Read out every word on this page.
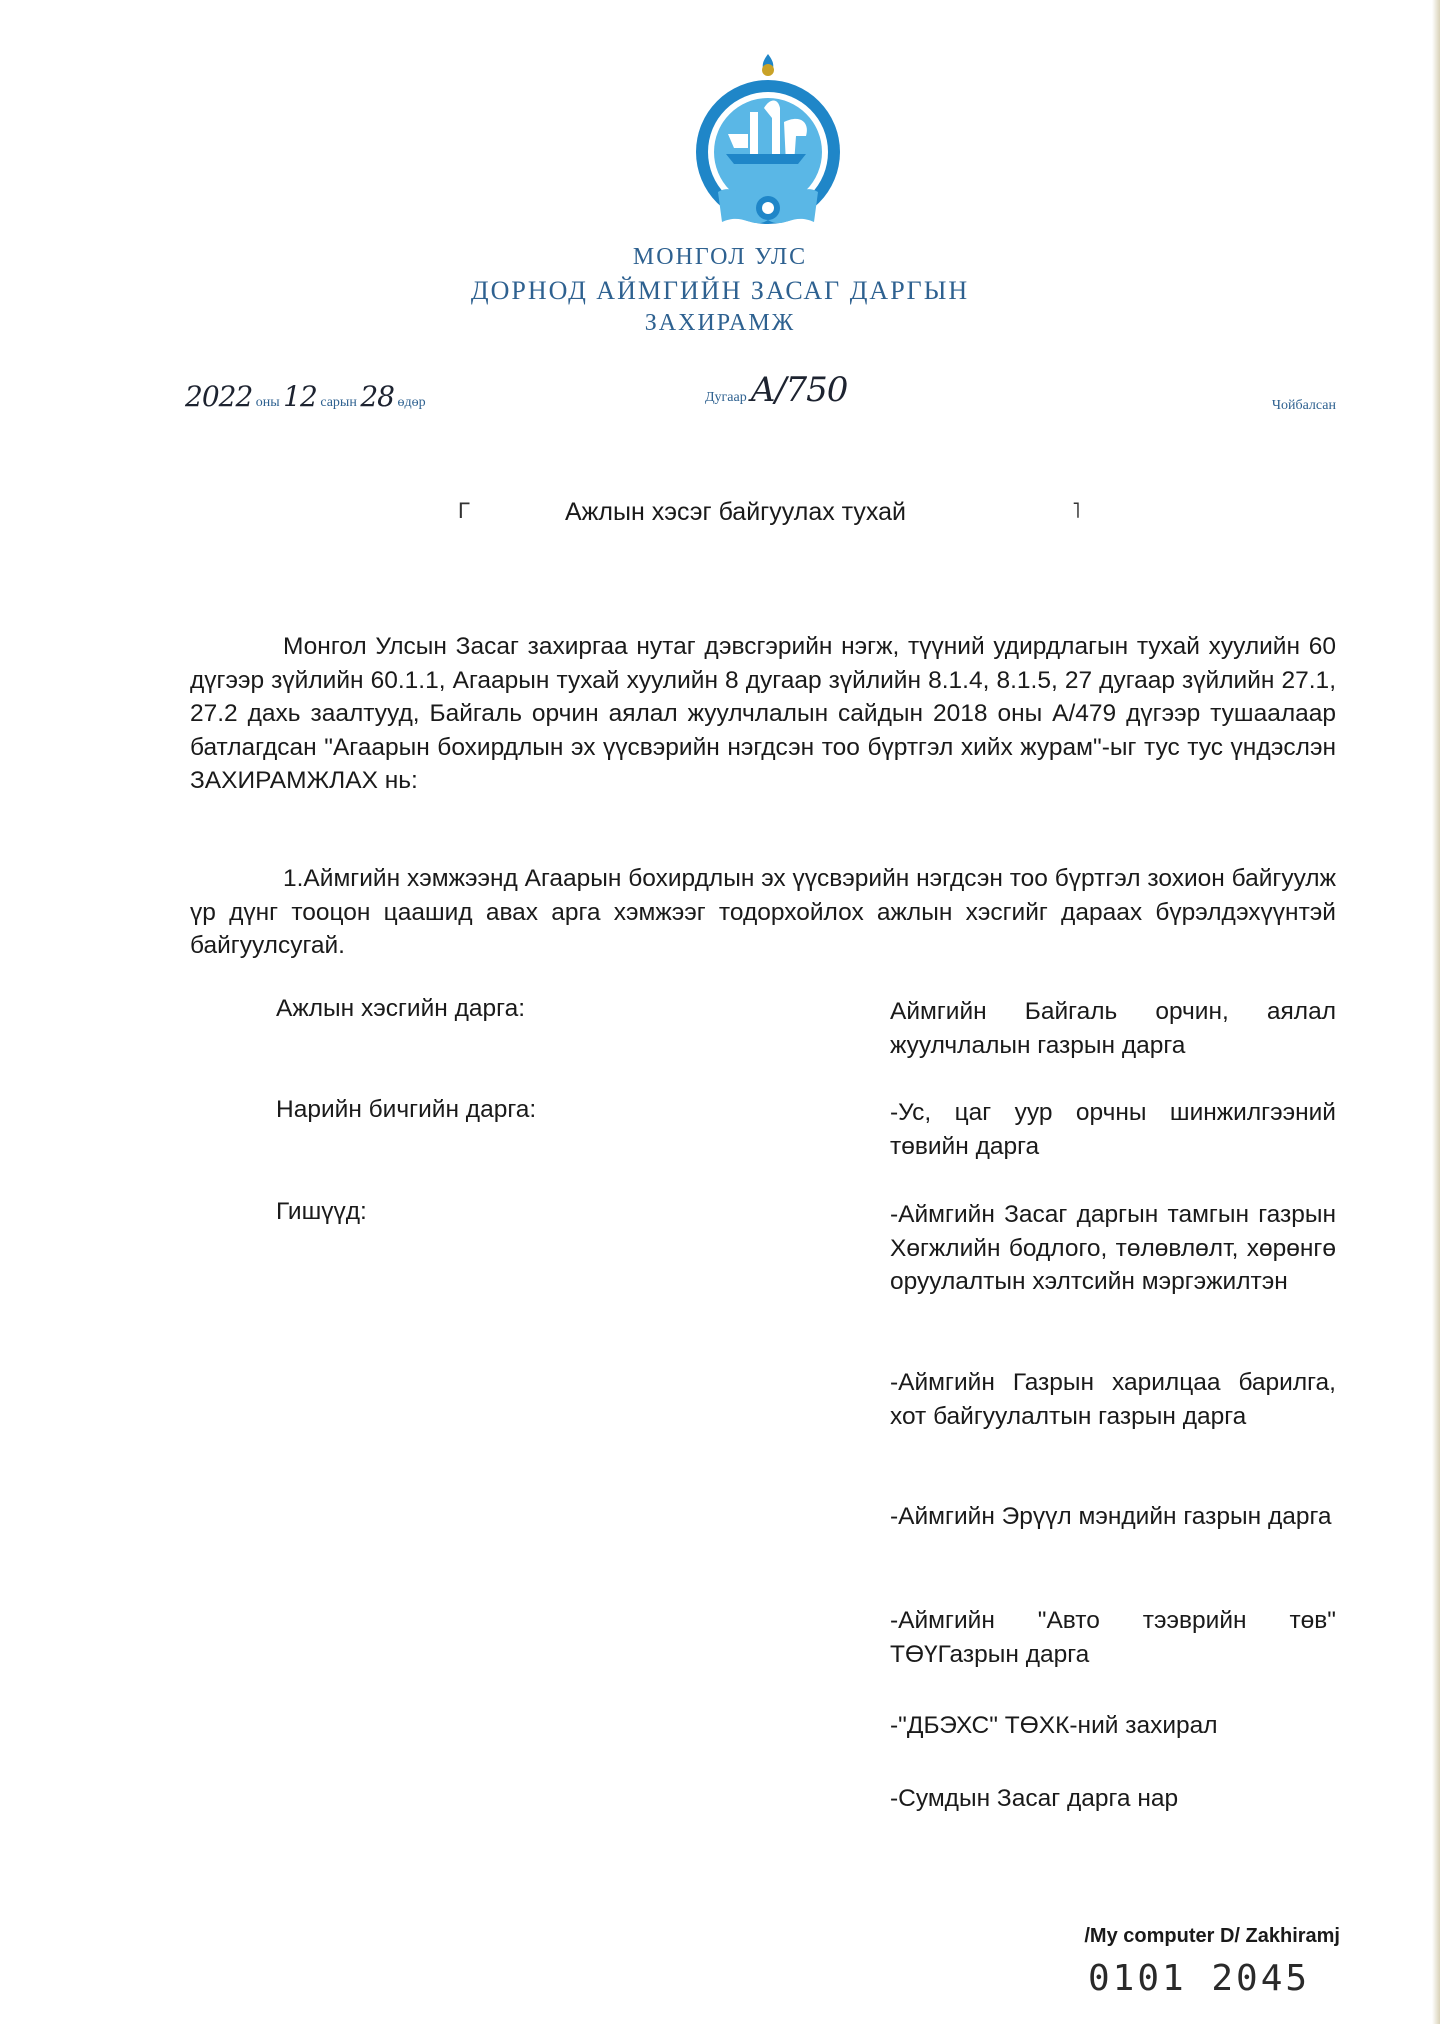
МОНГОЛ УЛС
ДОРНОД АЙМГИЙН ЗАСАГ ДАРГЫН
ЗАХИРАМЖ
2022 оны 12 сарын 28 өдөр	Дугаар А/750	Чойбалсан
Г	Ажлын хэсэг байгуулах тухай	˥
Монгол Улсын Засаг захиргаа нутаг дэвсгэрийн нэгж, түүний удирдлагын тухай хуулийн 60 дүгээр зүйлийн 60.1.1, Агаарын тухай хуулийн 8 дугаар зүйлийн 8.1.4, 8.1.5, 27 дугаар зүйлийн 27.1, 27.2 дахь заалтууд, Байгаль орчин аялал жуулчлалын сайдын 2018 оны А/479 дүгээр тушаалаар батлагдсан "Агаарын бохирдлын эх үүсвэрийн нэгдсэн тоо бүртгэл хийх журам"-ыг тус тус үндэслэн ЗАХИРАМЖЛАХ нь:
1.Аймгийн хэмжээнд Агаарын бохирдлын эх үүсвэрийн нэгдсэн тоо бүртгэл зохион байгуулж үр дүнг тооцон цаашид авах арга хэмжээг тодорхойлох ажлын хэсгийг дараах бүрэлдэхүүнтэй байгуулсугай.
Ажлын хэсгийн дарга:	Аймгийн Байгаль орчин, аялал жуулчлалын газрын дарга
Нарийн бичгийн дарга:	-Ус, цаг уур орчны шинжилгээний төвийн дарга
Гишүүд:	-Аймгийн Засаг даргын тамгын газрын Хөгжлийн бодлого, төлөвлөлт, хөрөнгө оруулалтын хэлтсийн мэргэжилтэн
-Аймгийн Газрын харилцаа барилга, хот байгуулалтын газрын дарга
-Аймгийн Эрүүл мэндийн газрын дарга
-Аймгийн "Авто тээврийн төв" ТӨҮГазрын дарга
-"ДБЭХС" ТӨХК-ний захирал
-Сумдын Засаг дарга нар
/My computer D/ Zakhiramj
0101 2045
